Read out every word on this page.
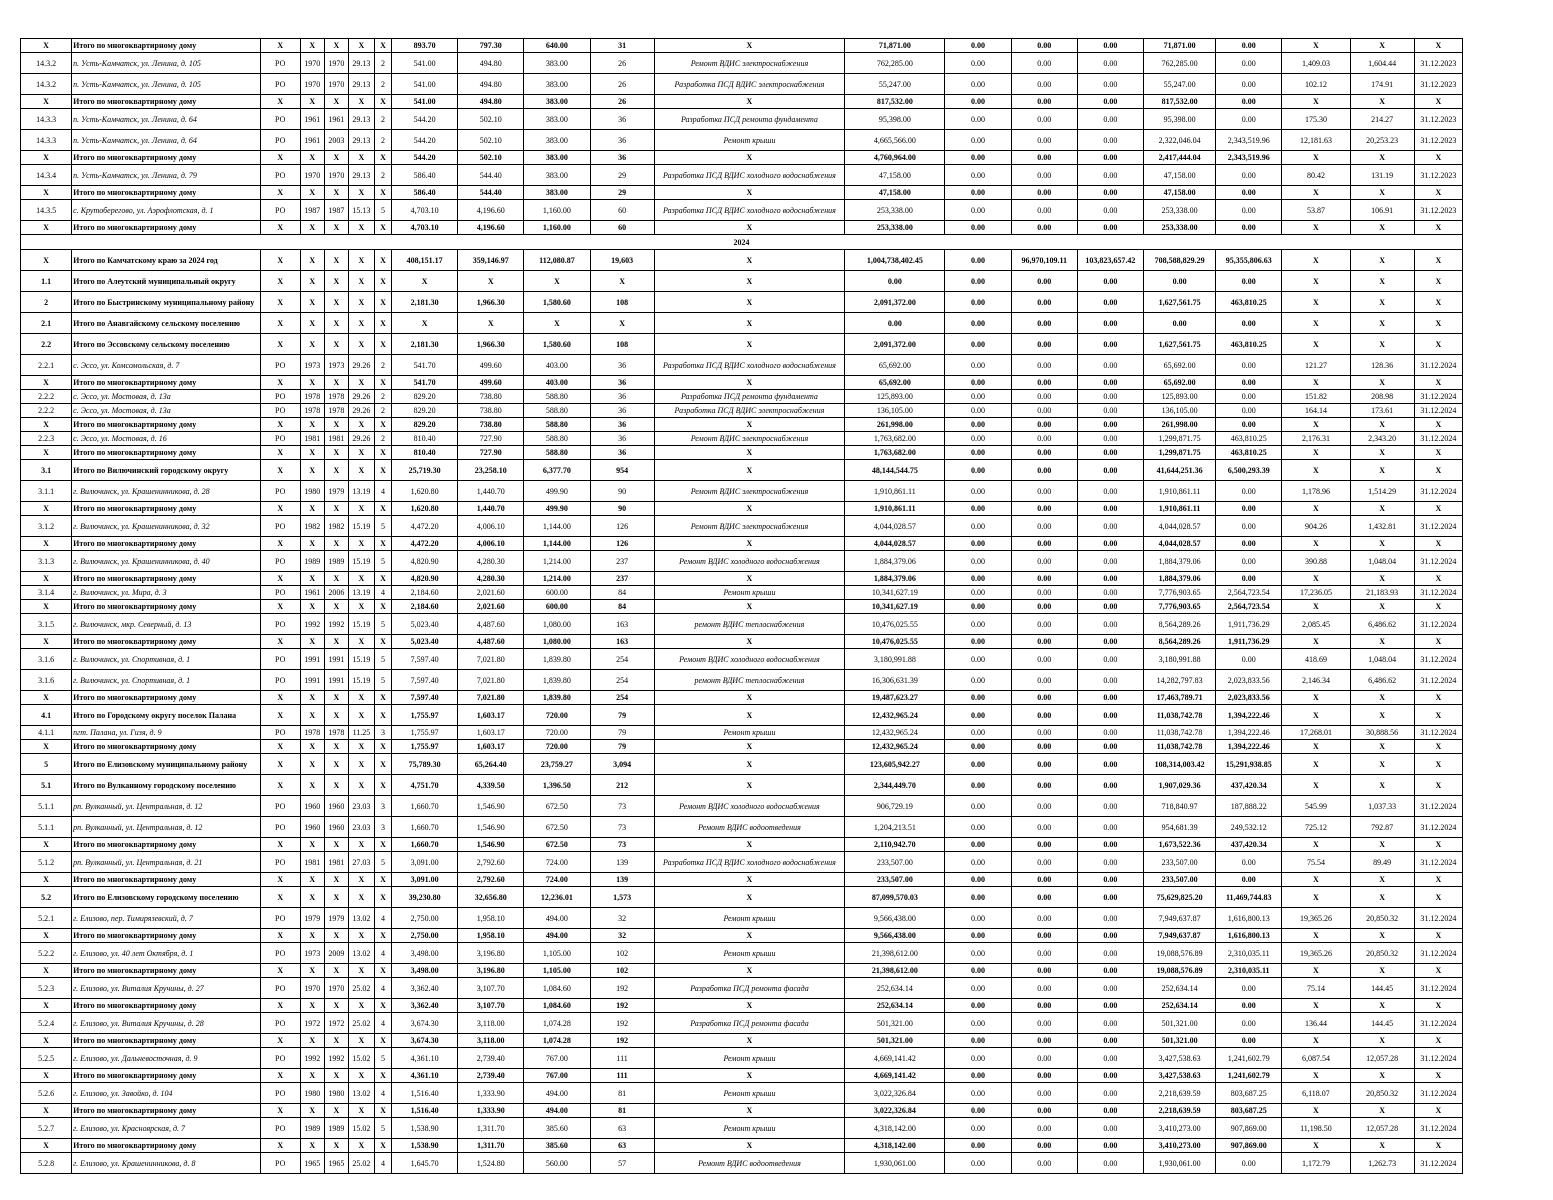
X	Итого по многоквартирному дому	X	X	X	X	X	893.70	797.30	640.00	31	X	71,871.00	0.00	0.00	0.00	71,871.00	0.00	X	X	X
14.3.2	п. Усть-Камчатск, ул. Ленина, д. 105	РО	1970	1970	29.13	2	541.00	494.80	383.00	26	Ремонт ВДИС электроснабжения	762,285.00	0.00	0.00	0.00	762,285.00	0.00	1,409.03	1,604.44	31.12.2023
14.3.2	п. Усть-Камчатск, ул. Ленина, д. 105	РО	1970	1970	29.13	2	541.00	494.80	383.00	26	Разработка ПСД ВДИС электроснабжения	55,247.00	0.00	0.00	0.00	55,247.00	0.00	102.12	174.91	31.12.2023
X	Итого по многоквартирному дому	X	X	X	X	X	541.00	494.80	383.00	26	X	817,532.00	0.00	0.00	0.00	817,532.00	0.00	X	X	X
14.3.3	п. Усть-Камчатск, ул. Ленина, д. 64	РО	1961	1961	29.13	2	544.20	502.10	383.00	36	Разработка ПСД ремонта фундамента	95,398.00	0.00	0.00	0.00	95,398.00	0.00	175.30	214.27	31.12.2023
14.3.3	п. Усть-Камчатск, ул. Ленина, д. 64	РО	1961	2003	29.13	2	544.20	502.10	383.00	36	Ремонт крыши	4,665,566.00	0.00	0.00	0.00	2,322,046.04	2,343,519.96	12,181.63	20,253.23	31.12.2023
X	Итого по многоквартирному дому	X	X	X	X	X	544.20	502.10	383.00	36	X	4,760,964.00	0.00	0.00	0.00	2,417,444.04	2,343,519.96	X	X	X
14.3.4	п. Усть-Камчатск, ул. Ленина, д. 79	РО	1970	1970	29.13	2	586.40	544.40	383.00	29	Разработка ПСД ВДИС холодного водоснабжения	47,158.00	0.00	0.00	0.00	47,158.00	0.00	80.42	131.19	31.12.2023
X	Итого по многоквартирному дому	X	X	X	X	X	586.40	544.40	383.00	29	X	47,158.00	0.00	0.00	0.00	47,158.00	0.00	X	X	X
14.3.5	с. Крутоберегово, ул. Аэрофлотская, д. 1	РО	1987	1987	15.13	5	4,703.10	4,196.60	1,160.00	60	Разработка ПСД ВДИС холодного водоснабжения	253,338.00	0.00	0.00	0.00	253,338.00	0.00	53.87	106.91	31.12.2023
X	Итого по многоквартирному дому	X	X	X	X	X	4,703.10	4,196.60	1,160.00	60	X	253,338.00	0.00	0.00	0.00	253,338.00	0.00	X	X	X
2024																				
X	Итого по Камчатскому краю за 2024 год	X	X	X	X	X	408,151.17	359,146.97	112,080.87	19,603	X	1,004,738,402.45	0.00	96,970,109.11	103,823,657.42	708,588,829.29	95,355,806.63	X	X	X
1.1	Итого по Алеутский муниципальный округу	X	X	X	X	X	X	X	X	X	X	0.00	0.00	0.00	0.00	0.00	0.00	X	X	X
2	Итого по Быстринскому муниципальному району	X	X	X	X	X	2,181.30	1,966.30	1,580.60	108	X	2,091,372.00	0.00	0.00	0.00	1,627,561.75	463,810.25	X	X	X
2.1	Итого по Анавгайскому сельскому поселению	X	X	X	X	X	X	X	X	X	X	0.00	0.00	0.00	0.00	0.00	0.00	X	X	X
2.2	Итого по Эссовскому сельскому поселению	X	X	X	X	X	2,181.30	1,966.30	1,580.60	108	X	2,091,372.00	0.00	0.00	0.00	1,627,561.75	463,810.25	X	X	X
2.2.1	с. Эссо, ул. Комсомольская, д. 7	РО	1973	1973	29.26	2	541.70	499.60	403.00	36	Разработка ПСД ВДИС холодного водоснабжения	65,692.00	0.00	0.00	0.00	65,692.00	0.00	121.27	128.36	31.12.2024
X	Итого по многоквартирному дому	X	X	X	X	X	541.70	499.60	403.00	36	X	65,692.00	0.00	0.00	0.00	65,692.00	0.00	X	X	X
2.2.2	с. Эссо, ул. Мостовая, д. 13а	РО	1978	1978	29.26	2	829.20	738.80	588.80	36	Разработка ПСД ремонта фундамента	125,893.00	0.00	0.00	0.00	125,893.00	0.00	151.82	208.98	31.12.2024
2.2.2	с. Эссо, ул. Мостовая, д. 13а	РО	1978	1978	29.26	2	829.20	738.80	588.80	36	Разработка ПСД ВДИС электроснабжения	136,105.00	0.00	0.00	0.00	136,105.00	0.00	164.14	173.61	31.12.2024
X	Итого по многоквартирному дому	X	X	X	X	X	829.20	738.80	588.80	36	X	261,998.00	0.00	0.00	0.00	261,998.00	0.00	X	X	X
2.2.3	с. Эссо, ул. Мостовая, д. 16	РО	1981	1981	29.26	2	810.40	727.90	588.80	36	Ремонт ВДИС электроснабжения	1,763,682.00	0.00	0.00	0.00	1,299,871.75	463,810.25	2,176.31	2,343.20	31.12.2024
X	Итого по многоквартирному дому	X	X	X	X	X	810.40	727.90	588.80	36	X	1,763,682.00	0.00	0.00	0.00	1,299,871.75	463,810.25	X	X	X
3.1	Итого по Вилючинский городскому округу	X	X	X	X	X	25,719.30	23,258.10	6,377.70	954	X	48,144,544.75	0.00	0.00	0.00	41,644,251.36	6,500,293.39	X	X	X
3.1.1	г. Вилючинск, ул. Крашенинникова, д. 28	РО	1980	1979	13.19	4	1,620.80	1,440.70	499.90	90	Ремонт ВДИС электроснабжения	1,910,861.11	0.00	0.00	0.00	1,910,861.11	0.00	1,178.96	1,514.29	31.12.2024
X	Итого по многоквартирному дому	X	X	X	X	X	1,620.80	1,440.70	499.90	90	X	1,910,861.11	0.00	0.00	0.00	1,910,861.11	0.00	X	X	X
3.1.2	г. Вилючинск, ул. Крашенинникова, д. 32	РО	1982	1982	15.19	5	4,472.20	4,006.10	1,144.00	126	Ремонт ВДИС электроснабжения	4,044,028.57	0.00	0.00	0.00	4,044,028.57	0.00	904.26	1,432.81	31.12.2024
X	Итого по многоквартирному дому	X	X	X	X	X	4,472.20	4,006.10	1,144.00	126	X	4,044,028.57	0.00	0.00	0.00	4,044,028.57	0.00	X	X	X
3.1.3	г. Вилючинск, ул. Крашенинникова, д. 40	РО	1989	1989	15.19	5	4,820.90	4,280.30	1,214.00	237	Ремонт ВДИС холодного водоснабжения	1,884,379.06	0.00	0.00	0.00	1,884,379.06	0.00	390.88	1,048.04	31.12.2024
X	Итого по многоквартирному дому	X	X	X	X	X	4,820.90	4,280.30	1,214.00	237	X	1,884,379.06	0.00	0.00	0.00	1,884,379.06	0.00	X	X	X
3.1.4	г. Вилючинск, ул. Мира, д. 3	РО	1961	2006	13.19	4	2,184.60	2,021.60	600.00	84	Ремонт крыши	10,341,627.19	0.00	0.00	0.00	7,776,903.65	2,564,723.54	17,236.05	21,183.93	31.12.2024
X	Итого по многоквартирному дому	X	X	X	X	X	2,184.60	2,021.60	600.00	84	X	10,341,627.19	0.00	0.00	0.00	7,776,903.65	2,564,723.54	X	X	X
3.1.5	г. Вилючинск, мкр. Северный, д. 13	РО	1992	1992	15.19	5	5,023.40	4,487.60	1,080.00	163	ремонт ВДИС теплоснабжения	10,476,025.55	0.00	0.00	0.00	8,564,289.26	1,911,736.29	2,085.45	6,486.62	31.12.2024
X	Итого по многоквартирному дому	X	X	X	X	X	5,023.40	4,487.60	1,080.00	163	X	10,476,025.55	0.00	0.00	0.00	8,564,289.26	1,911,736.29	X	X	X
3.1.6	г. Вилючинск, ул. Спортивная, д. 1	РО	1991	1991	15.19	5	7,597.40	7,021.80	1,839.80	254	Ремонт ВДИС холодного водоснабжения	3,180,991.88	0.00	0.00	0.00	3,180,991.88	0.00	418.69	1,048.04	31.12.2024
3.1.6	г. Вилючинск, ул. Спортивная, д. 1	РО	1991	1991	15.19	5	7,597.40	7,021.80	1,839.80	254	ремонт ВДИС теплоснабжения	16,306,631.39	0.00	0.00	0.00	14,282,797.83	2,023,833.56	2,146.34	6,486.62	31.12.2024
X	Итого по многоквартирному дому	X	X	X	X	X	7,597.40	7,021.80	1,839.80	254	X	19,487,623.27	0.00	0.00	0.00	17,463,789.71	2,023,833.56	X	X	X
4.1	Итого по Городскому округу поселок Палана	X	X	X	X	X	1,755.97	1,603.17	720.00	79	X	12,432,965.24	0.00	0.00	0.00	11,038,742.78	1,394,222.46	X	X	X
4.1.1	пгт. Палана, ул. Гизя, д. 9	РО	1978	1978	11.25	3	1,755.97	1,603.17	720.00	79	Ремонт крыши	12,432,965.24	0.00	0.00	0.00	11,038,742.78	1,394,222.46	17,268.01	30,888.56	31.12.2024
X	Итого по многоквартирному дому	X	X	X	X	X	1,755.97	1,603.17	720.00	79	X	12,432,965.24	0.00	0.00	0.00	11,038,742.78	1,394,222.46	X	X	X
5	Итого по Елизовскому муниципальному району	X	X	X	X	X	75,789.30	65,264.40	23,759.27	3,094	X	123,605,942.27	0.00	0.00	0.00	108,314,003.42	15,291,938.85	X	X	X
5.1	Итого по Вулканному городскому поселению	X	X	X	X	X	4,751.70	4,339.50	1,396.50	212	X	2,344,449.70	0.00	0.00	0.00	1,907,029.36	437,420.34	X	X	X
5.1.1	рп. Вулканный, ул. Центральная, д. 12	РО	1960	1960	23.03	3	1,660.70	1,546.90	672.50	73	Ремонт ВДИС холодного водоснабжения	906,729.19	0.00	0.00	0.00	718,840.97	187,888.22	545.99	1,037.33	31.12.2024
5.1.1	рп. Вулканный, ул. Центральная, д. 12	РО	1960	1960	23.03	3	1,660.70	1,546.90	672.50	73	Ремонт ВДИС водоотведения	1,204,213.51	0.00	0.00	0.00	954,681.39	249,532.12	725.12	792.87	31.12.2024
X	Итого по многоквартирному дому	X	X	X	X	X	1,660.70	1,546.90	672.50	73	X	2,110,942.70	0.00	0.00	0.00	1,673,522.36	437,420.34	X	X	X
5.1.2	рп. Вулканный, ул. Центральная, д. 21	РО	1981	1981	27.03	5	3,091.00	2,792.60	724.00	139	Разработка ПСД ВДИС холодного водоснабжения	233,507.00	0.00	0.00	0.00	233,507.00	0.00	75.54	89.49	31.12.2024
X	Итого по многоквартирному дому	X	X	X	X	X	3,091.00	2,792.60	724.00	139	X	233,507.00	0.00	0.00	0.00	233,507.00	0.00	X	X	X
5.2	Итого по Елизовскому городскому поселению	X	X	X	X	X	39,230.80	32,656.80	12,236.01	1,573	X	87,099,570.03	0.00	0.00	0.00	75,629,825.20	11,469,744.83	X	X	X
5.2.1	г. Елизово, пер. Тимирязевский, д. 7	РО	1979	1979	13.02	4	2,750.00	1,958.10	494.00	32	Ремонт крыши	9,566,438.00	0.00	0.00	0.00	7,949,637.87	1,616,800.13	19,365.26	20,850.32	31.12.2024
X	Итого по многоквартирному дому	X	X	X	X	X	2,750.00	1,958.10	494.00	32	X	9,566,438.00	0.00	0.00	0.00	7,949,637.87	1,616,800.13	X	X	X
5.2.2	г. Елизово, ул. 40 лет Октября, д. 1	РО	1973	2009	13.02	4	3,498.00	3,196.80	1,105.00	102	Ремонт крыши	21,398,612.00	0.00	0.00	0.00	19,088,576.89	2,310,035.11	19,365.26	20,850.32	31.12.2024
X	Итого по многоквартирному дому	X	X	X	X	X	3,498.00	3,196.80	1,105.00	102	X	21,398,612.00	0.00	0.00	0.00	19,088,576.89	2,310,035.11	X	X	X
5.2.3	г. Елизово, ул. Виталия Кручины, д. 27	РО	1970	1970	25.02	4	3,362.40	3,107.70	1,084.60	192	Разработка ПСД ремонта фасада	252,634.14	0.00	0.00	0.00	252,634.14	0.00	75.14	144.45	31.12.2024
X	Итого по многоквартирному дому	X	X	X	X	X	3,362.40	3,107.70	1,084.60	192	X	252,634.14	0.00	0.00	0.00	252,634.14	0.00	X	X	X
5.2.4	г. Елизово, ул. Виталия Кручины, д. 28	РО	1972	1972	25.02	4	3,674.30	3,118.00	1,074.28	192	Разработка ПСД ремонта фасада	501,321.00	0.00	0.00	0.00	501,321.00	0.00	136.44	144.45	31.12.2024
X	Итого по многоквартирному дому	X	X	X	X	X	3,674.30	3,118.00	1,074.28	192	X	501,321.00	0.00	0.00	0.00	501,321.00	0.00	X	X	X
5.2.5	г. Елизово, ул. Дальневосточная, д. 9	РО	1992	1992	15.02	5	4,361.10	2,739.40	767.00	111	Ремонт крыши	4,669,141.42	0.00	0.00	0.00	3,427,538.63	1,241,602.79	6,087.54	12,057.28	31.12.2024
X	Итого по многоквартирному дому	X	X	X	X	X	4,361.10	2,739.40	767.00	111	X	4,669,141.42	0.00	0.00	0.00	3,427,538.63	1,241,602.79	X	X	X
5.2.6	г. Елизово, ул. Завойко, д. 104	РО	1980	1980	13.02	4	1,516.40	1,333.90	494.00	81	Ремонт крыши	3,022,326.84	0.00	0.00	0.00	2,218,639.59	803,687.25	6,118.07	20,850.32	31.12.2024
X	Итого по многоквартирному дому	X	X	X	X	X	1,516.40	1,333.90	494.00	81	X	3,022,326.84	0.00	0.00	0.00	2,218,639.59	803,687.25	X	X	X
5.2.7	г. Елизово, ул. Красноярская, д. 7	РО	1989	1989	15.02	5	1,538.90	1,311.70	385.60	63	Ремонт крыши	4,318,142.00	0.00	0.00	0.00	3,410,273.00	907,869.00	11,198.50	12,057.28	31.12.2024
X	Итого по многоквартирному дому	X	X	X	X	X	1,538.90	1,311.70	385.60	63	X	4,318,142.00	0.00	0.00	0.00	3,410,273.00	907,869.00	X	X	X
5.2.8	г. Елизово, ул. Крашенинникова, д. 8	РО	1965	1965	25.02	4	1,645.70	1,524.80	560.00	57	Ремонт ВДИС водоотведения	1,930,061.00	0.00	0.00	0.00	1,930,061.00	0.00	1,172.79	1,262.73	31.12.2024
